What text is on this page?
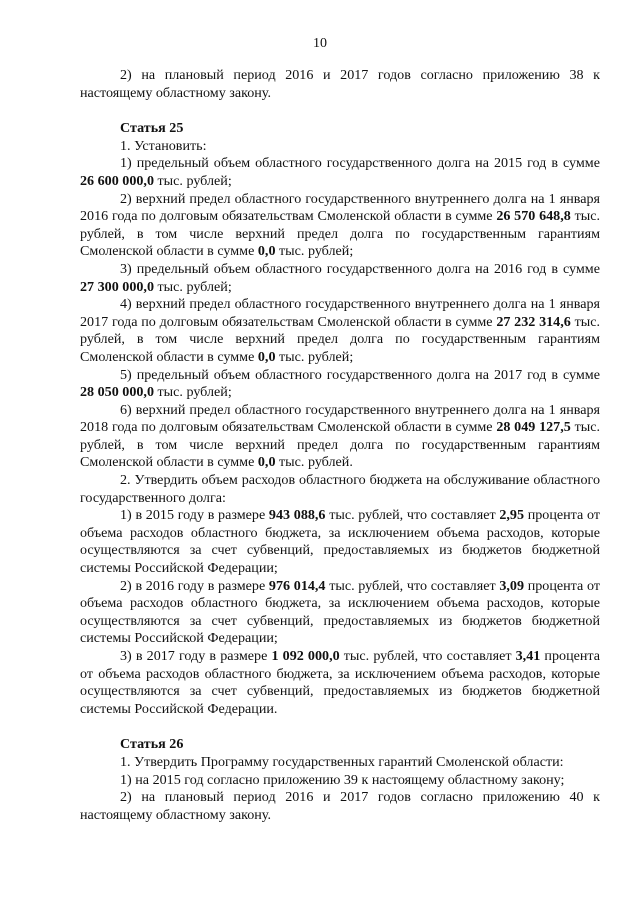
10

2) на плановый период 2016 и 2017 годов согласно приложению 38 к настоящему областному закону.

Статья 25

1. Установить:

1) предельный объем областного государственного долга на 2015 год в сумме 26 600 000,0 тыс. рублей;

2) верхний предел областного государственного внутреннего долга на 1 января 2016 года по долговым обязательствам Смоленской области в сумме 26 570 648,8 тыс. рублей, в том числе верхний предел долга по государственным гарантиям Смоленской области в сумме 0,0 тыс. рублей;

3) предельный объем областного государственного долга на 2016 год в сумме 27 300 000,0 тыс. рублей;

4) верхний предел областного государственного внутреннего долга на 1 января 2017 года по долговым обязательствам Смоленской области в сумме 27 232 314,6 тыс. рублей, в том числе верхний предел долга по государственным гарантиям Смоленской области в сумме 0,0 тыс. рублей;

5) предельный объем областного государственного долга на 2017 год в сумме 28 050 000,0 тыс. рублей;

6) верхний предел областного государственного внутреннего долга на 1 января 2018 года по долговым обязательствам Смоленской области в сумме 28 049 127,5 тыс. рублей, в том числе верхний предел долга по государственным гарантиям Смоленской области в сумме 0,0 тыс. рублей.

2. Утвердить объем расходов областного бюджета на обслуживание областного государственного долга:

1) в 2015 году в размере 943 088,6 тыс. рублей, что составляет 2,95 процента от объема расходов областного бюджета, за исключением объема расходов, которые осуществляются за счет субвенций, предоставляемых из бюджетов бюджетной системы Российской Федерации;

2) в 2016 году в размере 976 014,4 тыс. рублей, что составляет 3,09 процента от объема расходов областного бюджета, за исключением объема расходов, которые осуществляются за счет субвенций, предоставляемых из бюджетов бюджетной системы Российской Федерации;

3) в 2017 году в размере 1 092 000,0 тыс. рублей, что составляет 3,41 процента от объема расходов областного бюджета, за исключением объема расходов, которые осуществляются за счет субвенций, предоставляемых из бюджетов бюджетной системы Российской Федерации.

Статья 26

1. Утвердить Программу государственных гарантий Смоленской области:

1) на 2015 год согласно приложению 39 к настоящему областному закону;

2) на плановый период 2016 и 2017 годов согласно приложению 40 к настоящему областному закону.
